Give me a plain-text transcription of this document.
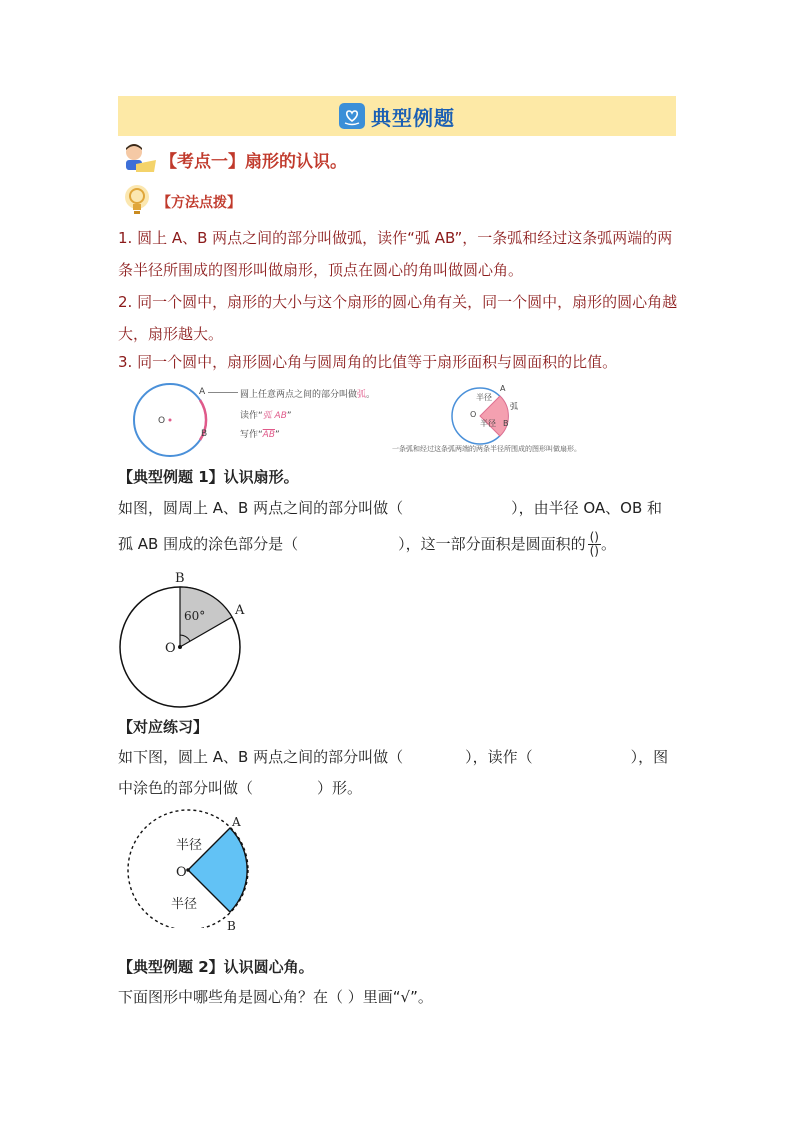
典型例题
【考点一】扇形的认识。
【方法点拨】
1. 圆上 A、B 两点之间的部分叫做弧，读作“弧 AB”，一条弧和经过这条弧两端的两条半径所围成的图形叫做扇形，顶点在圆心的角叫做圆心角。
2. 同一个圆中，扇形的大小与这个扇形的圆心角有关，同一个圆中，扇形的圆心角越大，扇形越大。
3. 同一个圆中，扇形圆心角与圆周角的比值等于扇形面积与圆面积的比值。
O
A
B
圆上任意两点之间的部分叫做弧。
读作“弧 AB”
写作“$\overline{AB}$”
半径
半径
O
A
B
弧
一条弧和经过这条弧两端的两条半径所围成的图形叫做扇形。
【典型例题 1】认识扇形。
如图，圆周上 A、B 两点之间的部分叫做（	），由半径 OA、OB 和
孤 AB 围成的涂色部分是（	），这一部分面积是圆面积的 $\frac{()}{()}$。
B
A
O
60°
【对应练习】
如下图，圆上 A、B 两点之间的部分叫做（	），读作（	），图
中涂色的部分叫做（	）形。
A
B
O
半径
半径
【典型例题 2】认识圆心角。
下面图形中哪些角是圆心角？在（ ）里画“√”。
